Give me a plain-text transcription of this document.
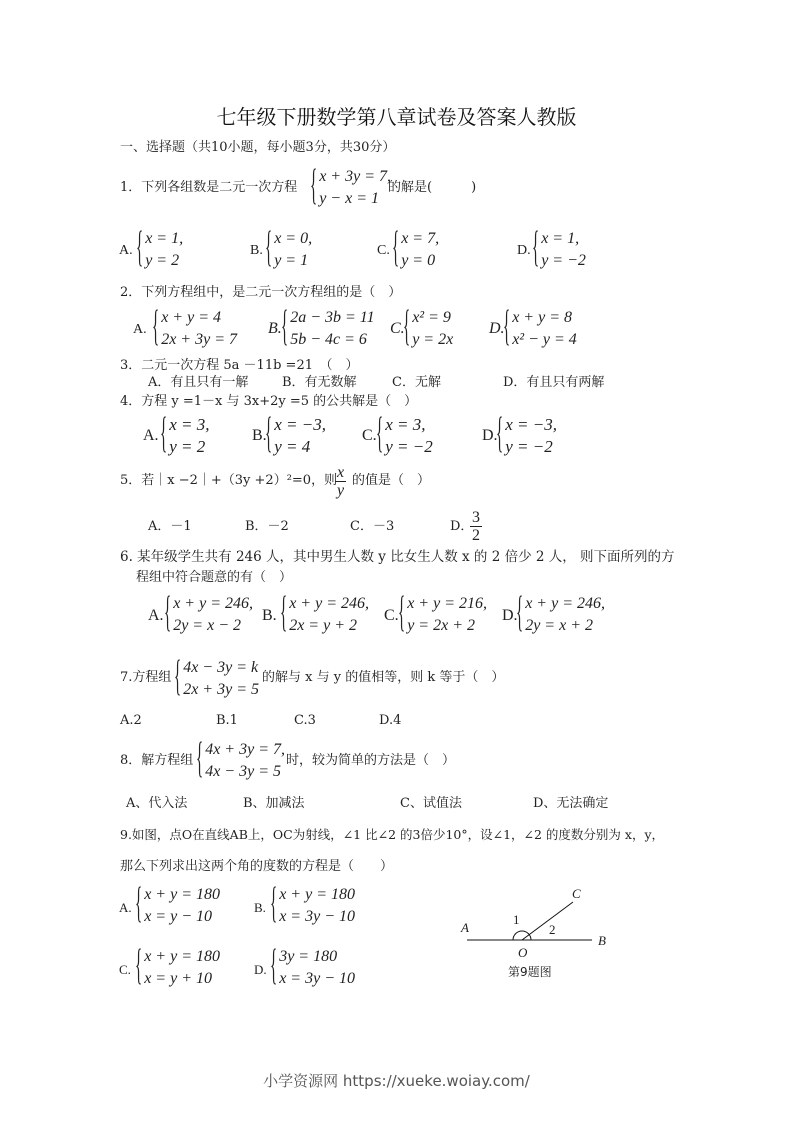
七年级下册数学第八章试卷及答案人教版
一、选择题（共10小题，每小题3分，共30分）
1．下列各组数是二元一次方程 { x + 3y = 7,
y − x = 1
的解是(　　　)
A. { x = 1,
y = 2
B. { x = 0,
y = 1
C. { x = 7,
y = 0
D. { x = 1,
y = −2
2．下列方程组中，是二元一次方程组的是（　）
A. { x + y = 4
2x + 3y = 7
B. { 2a − 3b = 11
5b − 4c = 6
C.
{ x² = 9
y = 2x
D.
{ x + y = 8
x² − y = 4
3．二元一次方程 5a －11b =21　（　）
A．有且只有一解	B．有无数解	C．无解	D．有且只有两解
4．方程 y =1－x 与 3x+2y =5 的公共解是（　）
A. { x = 3,
y = 2
B.
{ x = −3,
y = 4
C. { x = 3,
y = −2
D.
{ x = −3,
y = −2
5．若｜x −2｜+（3y +2）²=0，则
$\frac{x}{y}$ 的值是（　）
A．－1	B．－2	C．－3	D．
$\frac{3}{2}$
6. 某年级学生共有 246 人，其中男生人数 y 比女生人数 x 的 2 倍少 2 人， 则下面所列的方
程组中符合题意的有（　）
A. { x + y = 246,
2y = x − 2
B. { x + y = 246,
2x = y + 2
C. { x + y = 216,
y = 2x + 2
D.
{ x + y = 246,
2y = x + 2
7.方程组 { 4x − 3y = k
2x + 3y = 5
的解与 x 与 y 的值相等，则 k 等于（　）
A.2	B.1	C.3	D.4
8．解方程组 { 4x + 3y = 7,
4x − 3y = 5
时，较为简单的方法是（　）
A、代入法	B、加减法	C、试值法	D、无法确定
9.如图，点O在直线AB上，OC为射线，∠1 比∠2 的3倍少10°，设∠1，∠2 的度数分别为 x，y，
那么下列求出这两个角的度数的方程是（　　）
A. { x + y = 180
x = y − 10
B. { x + y = 180
x = 3y − 10
C. { x + y = 180
x = y + 10
D. { 3y = 180
x = 3y − 10
A
B
C
O
1
2
第9题图
小学资源网 https://xueke.woiay.com/
